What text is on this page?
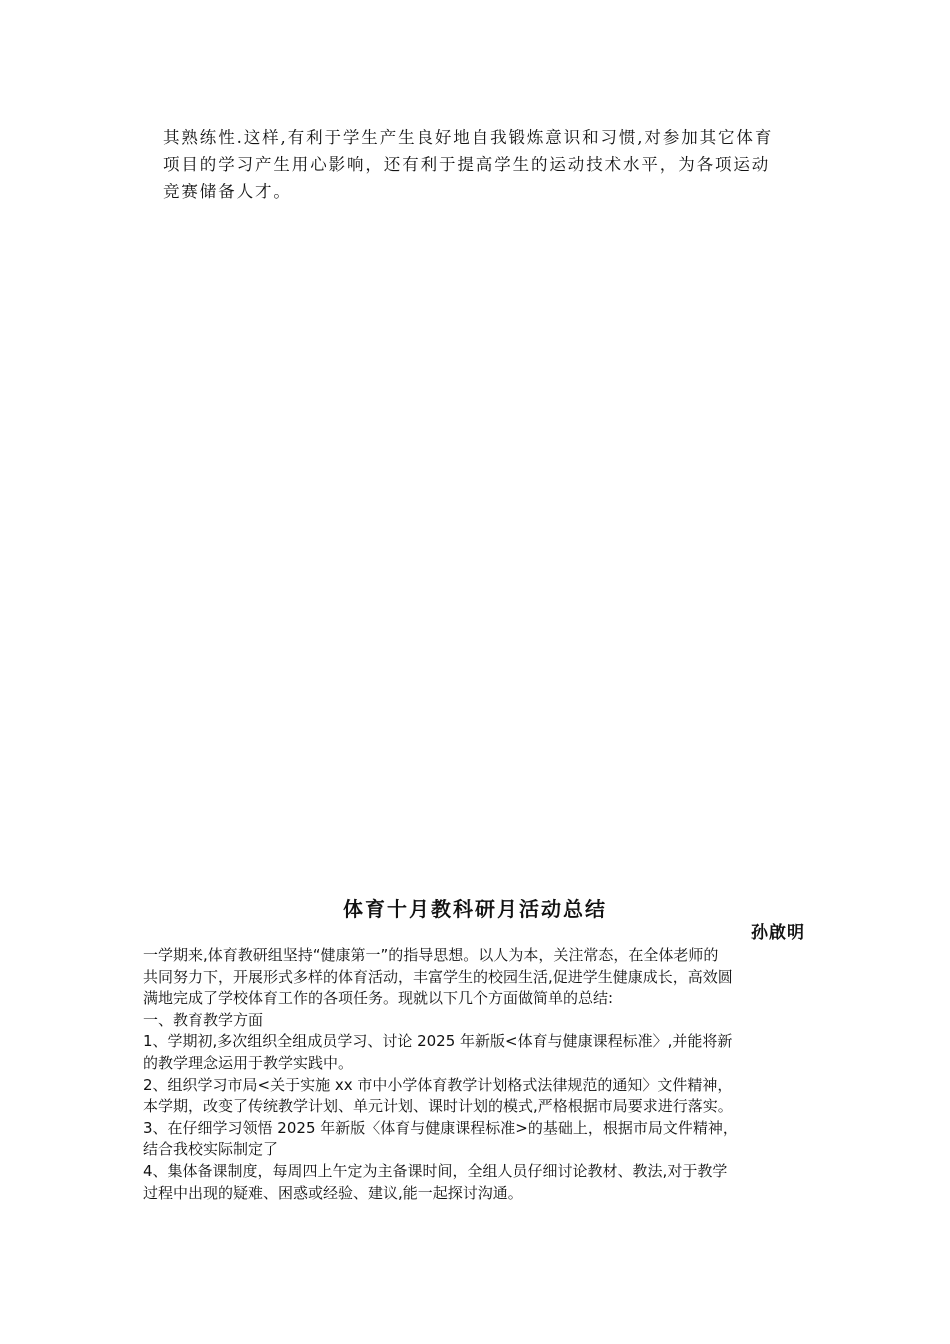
其熟练性.这样,有利于学生产生良好地自我锻炼意识和习惯,对参加其它体育
项目的学习产生用心影响，还有利于提高学生的运动技术水平，为各项运动
竞赛储备人才。
体育十月教科研月活动总结
孙啟明
一学期来,体育教研组坚持“健康第一”的指导思想。以人为本，关注常态，在全体老师的
共同努力下，开展形式多样的体育活动，丰富学生的校园生活,促进学生健康成长，高效圆
满地完成了学校体育工作的各项任务。现就以下几个方面做简单的总结:
一、教育教学方面
1、学期初,多次组织全组成员学习、讨论 2025 年新版<体育与健康课程标准〉,并能将新
的教学理念运用于教学实践中。
2、组织学习市局<关于实施 xx 市中小学体育教学计划格式法律规范的通知〉文件精神，
本学期，改变了传统教学计划、单元计划、课时计划的模式,严格根据市局要求进行落实。
3、在仔细学习领悟 2025 年新版〈体育与健康课程标准>的基础上，根据市局文件精神，
结合我校实际制定了
4、集体备课制度，每周四上午定为主备课时间，全组人员仔细讨论教材、教法,对于教学
过程中出现的疑难、困惑或经验、建议,能一起探讨沟通。
